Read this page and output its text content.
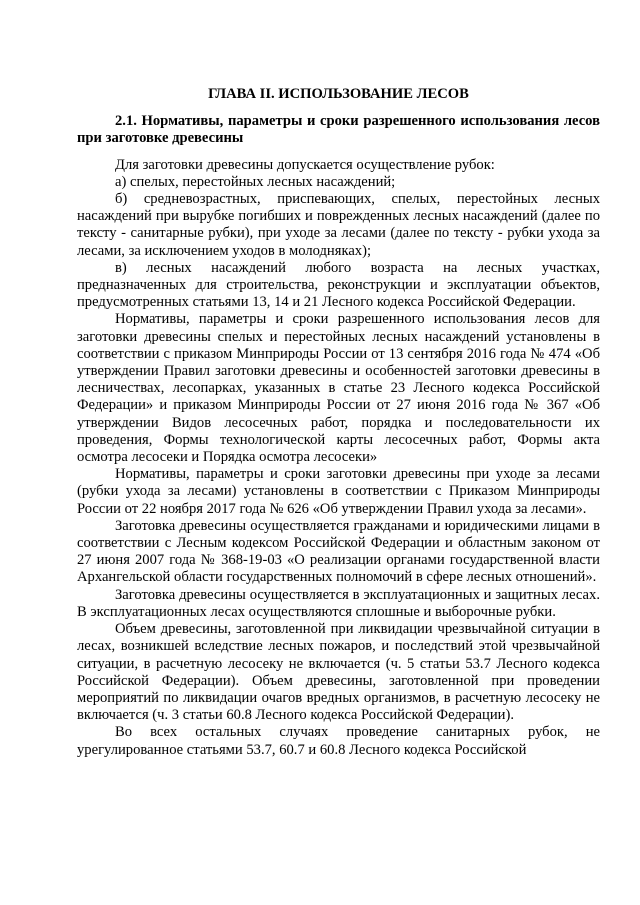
ГЛАВА II. ИСПОЛЬЗОВАНИЕ ЛЕСОВ

2.1. Нормативы, параметры и сроки разрешенного использования лесов при заготовке древесины

Для заготовки древесины допускается осуществление рубок:

а) спелых, перестойных лесных насаждений;

б) средневозрастных, приспевающих, спелых, перестойных лесных насаждений при вырубке погибших и поврежденных лесных насаждений (далее по тексту - санитарные рубки), при уходе за лесами (далее по тексту - рубки ухода за лесами, за исключением уходов в молодняках);

в) лесных насаждений любого возраста на лесных участках, предназначенных для строительства, реконструкции и эксплуатации объектов, предусмотренных статьями 13, 14 и 21 Лесного кодекса Российской Федерации.

Нормативы, параметры и сроки разрешенного использования лесов для заготовки древесины спелых и перестойных лесных насаждений установлены в соответствии с приказом Минприроды России от 13 сентября 2016 года № 474 «Об утверждении Правил заготовки древесины и особенностей заготовки древесины в лесничествах, лесопарках, указанных в статье 23 Лесного кодекса Российской Федерации» и приказом Минприроды России от 27 июня 2016 года № 367 «Об утверждении Видов лесосечных работ, порядка и последовательности их проведения, Формы технологической карты лесосечных работ, Формы акта осмотра лесосеки и Порядка осмотра лесосеки»

Нормативы, параметры и сроки заготовки древесины при уходе за лесами (рубки ухода за лесами) установлены в соответствии с Приказом Минприроды России от 22 ноября 2017 года № 626 «Об утверждении Правил ухода за лесами».

Заготовка древесины осуществляется гражданами и юридическими лицами в соответствии с Лесным кодексом Российской Федерации и областным законом от 27 июня 2007 года № 368-19-03 «О реализации органами государственной власти Архангельской области государственных полномочий в сфере лесных отношений».

Заготовка древесины осуществляется в эксплуатационных и защитных лесах. В эксплуатационных лесах осуществляются сплошные и выборочные рубки.

Объем древесины, заготовленной при ликвидации чрезвычайной ситуации в лесах, возникшей вследствие лесных пожаров, и последствий этой чрезвычайной ситуации, в расчетную лесосеку не включается (ч. 5 статьи 53.7 Лесного кодекса Российской Федерации). Объем древесины, заготовленной при проведении мероприятий по ликвидации очагов вредных организмов, в расчетную лесосеку не включается (ч. 3 статьи 60.8 Лесного кодекса Российской Федерации).

Во всех остальных случаях проведение санитарных рубок, не урегулированное статьями 53.7, 60.7 и 60.8 Лесного кодекса Российской
